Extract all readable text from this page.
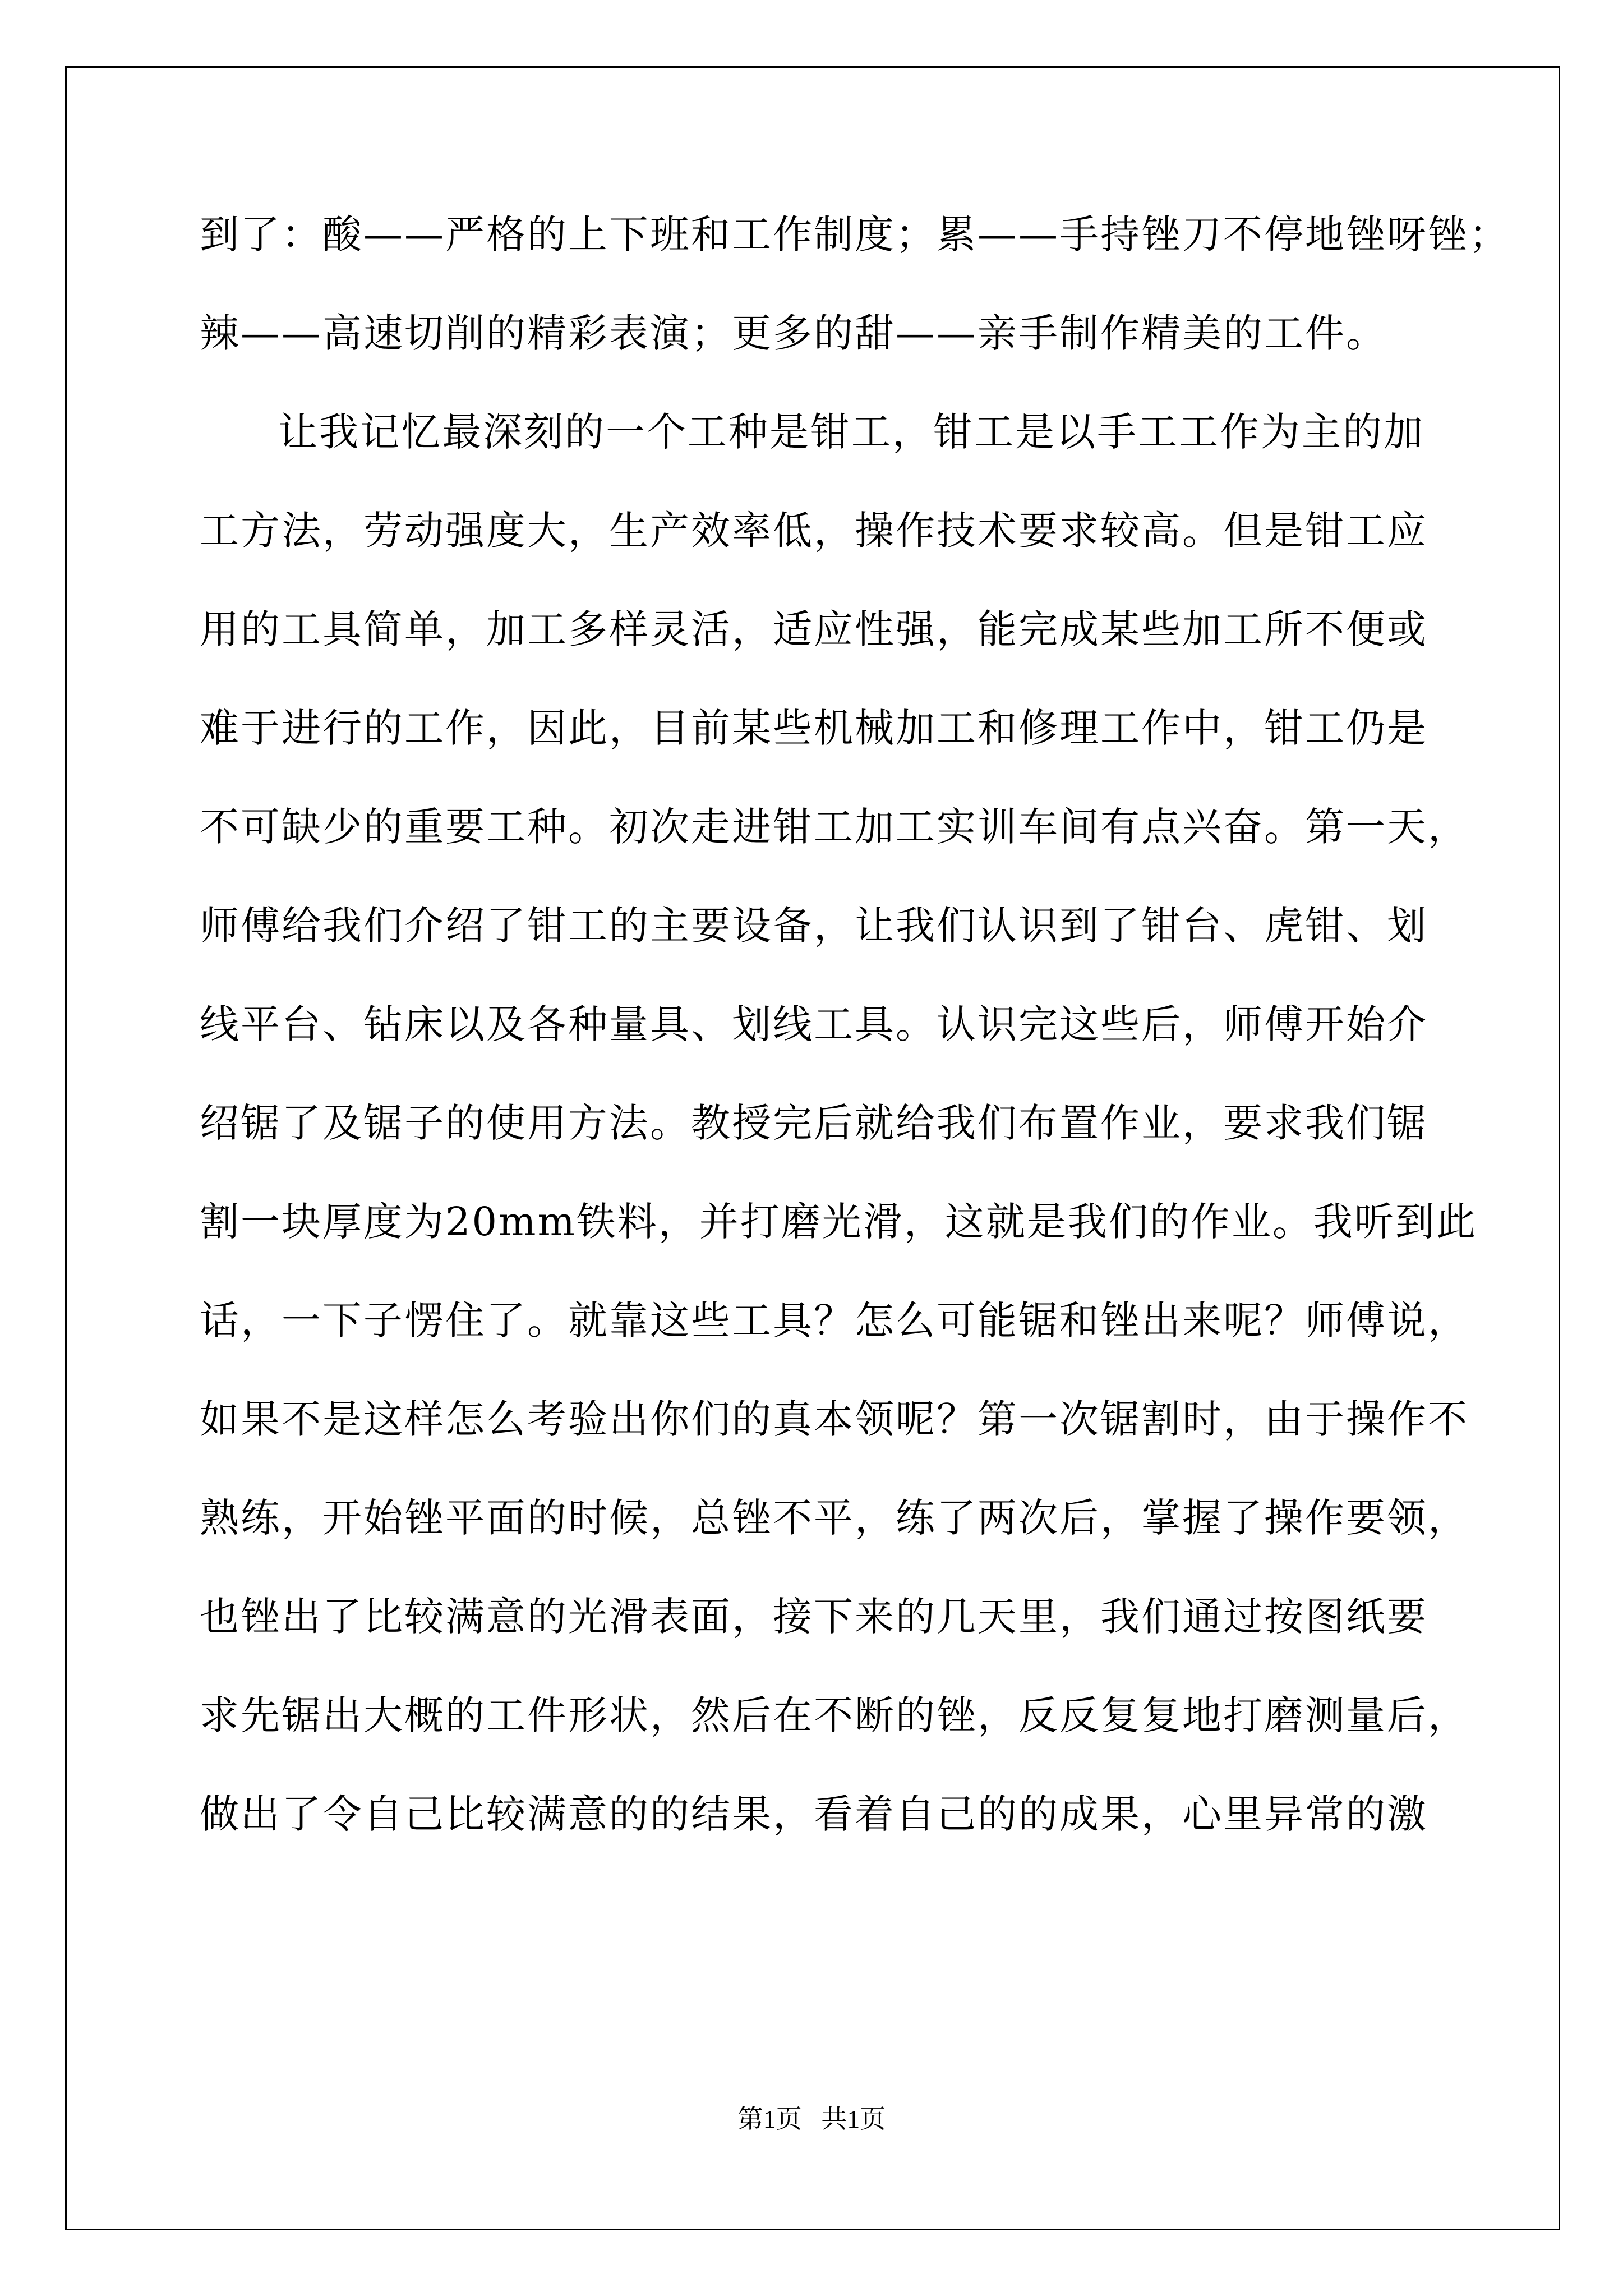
到了：酸——严格的上下班和工作制度；累——手持锉刀不停地锉呀锉；
辣——高速切削的精彩表演；更多的甜——亲手制作精美的工件。
让我记忆最深刻的一个工种是钳工，钳工是以手工工作为主的加
工方法，劳动强度大，生产效率低，操作技术要求较高。但是钳工应
用的工具简单，加工多样灵活，适应性强，能完成某些加工所不便或
难于进行的工作，因此，目前某些机械加工和修理工作中，钳工仍是
不可缺少的重要工种。初次走进钳工加工实训车间有点兴奋。第一天，
师傅给我们介绍了钳工的主要设备，让我们认识到了钳台、虎钳、划
线平台、钻床以及各种量具、划线工具。认识完这些后，师傅开始介
绍锯了及锯子的使用方法。教授完后就给我们布置作业，要求我们锯
割一块厚度为20mm铁料，并打磨光滑，这就是我们的作业。我听到此
话，一下子愣住了。就靠这些工具？怎么可能锯和锉出来呢？师傅说，
如果不是这样怎么考验出你们的真本领呢？第一次锯割时，由于操作不
熟练，开始锉平面的时候，总锉不平，练了两次后，掌握了操作要领，
也锉出了比较满意的光滑表面，接下来的几天里，我们通过按图纸要
求先锯出大概的工件形状，然后在不断的锉，反反复复地打磨测量后，
做出了令自己比较满意的的结果，看着自己的的成果，心里异常的激
第1页   共1页
